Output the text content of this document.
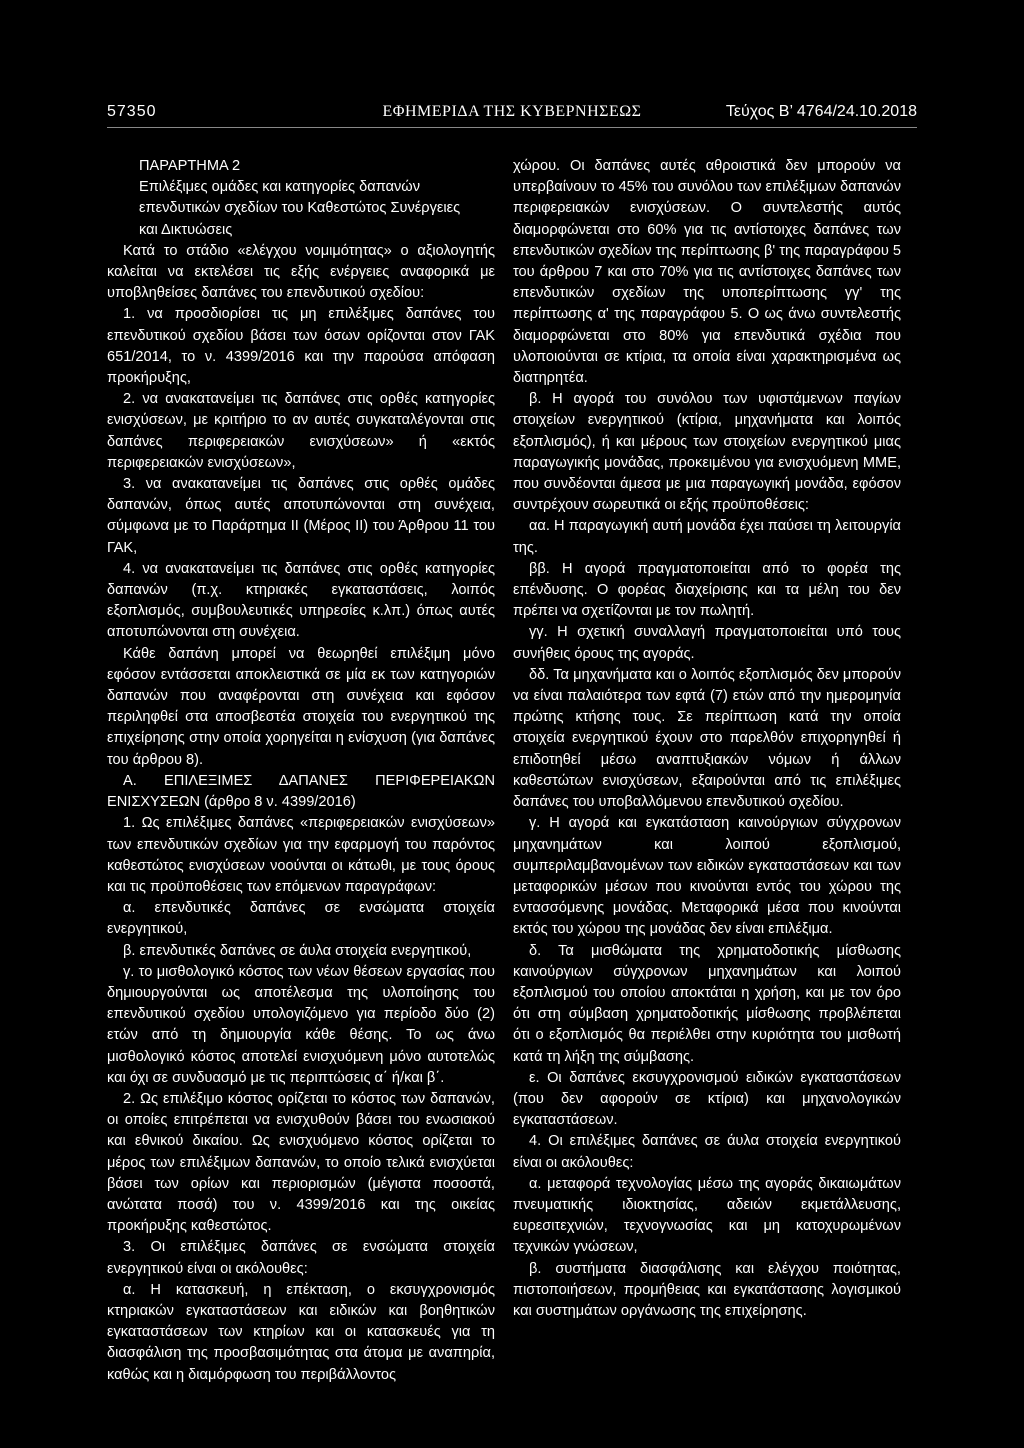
57350	ΕΦΗΜΕΡΙΔΑ ΤΗΣ ΚΥΒΕΡΝΗΣΕΩΣ	Τεύχος Β’ 4764/24.10.2018

ΠΑΡΑΡΤΗΜΑ 2

Επιλέξιμες ομάδες και κατηγορίες δαπανών

επενδυτικών σχεδίων του Καθεστώτος Συνέργειες

και Δικτυώσεις

Κατά το στάδιο «ελέγχου νομιμότητας» ο αξιολογητής καλείται να εκτελέσει τις εξής ενέργειες αναφορικά με υποβληθείσες δαπάνες του επενδυτικού σχεδίου:

1. να προσδιορίσει τις μη επιλέξιμες δαπάνες του επενδυτικού σχεδίου βάσει των όσων ορίζονται στον ΓΑΚ 651/2014, το ν. 4399/2016 και την παρούσα απόφαση προκήρυξης,

2. να ανακατανείμει τις δαπάνες στις ορθές κατηγορίες ενισχύσεων, με κριτήριο το αν αυτές συγκαταλέγονται στις δαπάνες περιφερειακών ενισχύσεων» ή «εκτός περιφερειακών ενισχύσεων»,

3. να ανακατανείμει τις δαπάνες στις ορθές ομάδες δαπανών, όπως αυτές αποτυπώνονται στη συνέχεια, σύμφωνα με το Παράρτημα ΙΙ (Μέρος ΙΙ) του Άρθρου 11 του ΓΑΚ,

4. να ανακατανείμει τις δαπάνες στις ορθές κατηγορίες δαπανών (π.χ. κτηριακές εγκαταστάσεις, λοιπός εξοπλισμός, συμβουλευτικές υπηρεσίες κ.λπ.) όπως αυτές αποτυπώνονται στη συνέχεια.

Κάθε δαπάνη μπορεί να θεωρηθεί επιλέξιμη μόνο εφόσον εντάσσεται αποκλειστικά σε μία εκ των κατηγοριών δαπανών που αναφέρονται στη συνέχεια και εφόσον περιληφθεί στα αποσβεστέα στοιχεία του ενεργητικού της επιχείρησης στην οποία χορηγείται η ενίσχυση (για δαπάνες του άρθρου 8).

Α. ΕΠΙΛΕΞΙΜΕΣ ΔΑΠΑΝΕΣ ΠΕΡΙΦΕΡΕΙΑΚΩΝ ΕΝΙΣΧΥΣΕΩΝ (άρθρο 8 ν. 4399/2016)

1. Ως επιλέξιμες δαπάνες «περιφερειακών ενισχύσεων» των επενδυτικών σχεδίων για την εφαρμογή του παρόντος καθεστώτος ενισχύσεων νοούνται οι κάτωθι, με τους όρους και τις προϋποθέσεις των επόμενων παραγράφων:

α. επενδυτικές δαπάνες σε ενσώματα στοιχεία ενεργητικού,

β. επενδυτικές δαπάνες σε άυλα στοιχεία ενεργητικού,

γ. το μισθολογικό κόστος των νέων θέσεων εργασίας που δημιουργούνται ως αποτέλεσμα της υλοποίησης του επενδυτικού σχεδίου υπολογιζόμενο για περίοδο δύο (2) ετών από τη δημιουργία κάθε θέσης. Το ως άνω μισθολογικό κόστος αποτελεί ενισχυόμενη μόνο αυτοτελώς και όχι σε συνδυασμό με τις περιπτώσεις α΄ ή/και β΄.

2. Ως επιλέξιμο κόστος ορίζεται το κόστος των δαπανών, οι οποίες επιτρέπεται να ενισχυθούν βάσει του ενωσιακού και εθνικού δικαίου. Ως ενισχυόμενο κόστος ορίζεται το μέρος των επιλέξιμων δαπανών, το οποίο τελικά ενισχύεται βάσει των ορίων και περιορισμών (μέγιστα ποσοστά, ανώτατα ποσά) του ν. 4399/2016 και της οικείας προκήρυξης καθεστώτος.

3. Οι επιλέξιμες δαπάνες σε ενσώματα στοιχεία ενεργητικού είναι οι ακόλουθες:

α. Η κατασκευή, η επέκταση, ο εκσυγχρονισμός κτηριακών εγκαταστάσεων και ειδικών και βοηθητικών εγκαταστάσεων των κτηρίων και οι κατασκευές για τη διασφάλιση της προσβασιμότητας στα άτομα με αναπηρία, καθώς και η διαμόρφωση του περιβάλλοντος

χώρου. Οι δαπάνες αυτές αθροιστικά δεν μπορούν να υπερβαίνουν το 45% του συνόλου των επιλέξιμων δαπανών περιφερειακών ενισχύσεων. Ο συντελεστής αυτός διαμορφώνεται στο 60% για τις αντίστοιχες δαπάνες των επενδυτικών σχεδίων της περίπτωσης β' της παραγράφου 5 του άρθρου 7 και στο 70% για τις αντίστοιχες δαπάνες των επενδυτικών σχεδίων της υποπερίπτωσης γγ' της περίπτωσης α' της παραγράφου 5. Ο ως άνω συντελεστής διαμορφώνεται στο 80% για επενδυτικά σχέδια που υλοποιούνται σε κτίρια, τα οποία είναι χαρακτηρισμένα ως διατηρητέα.

β. Η αγορά του συνόλου των υφιστάμενων παγίων στοιχείων ενεργητικού (κτίρια, μηχανήματα και λοιπός εξοπλισμός), ή και μέρους των στοιχείων ενεργητικού μιας παραγωγικής μονάδας, προκειμένου για ενισχυόμενη ΜΜΕ, που συνδέονται άμεσα με μια παραγωγική μονάδα, εφόσον συντρέχουν σωρευτικά οι εξής προϋποθέσεις:

αα. Η παραγωγική αυτή μονάδα έχει παύσει τη λειτουργία της.

ββ. Η αγορά πραγματοποιείται από το φορέα της επένδυσης. Ο φορέας διαχείρισης και τα μέλη του δεν πρέπει να σχετίζονται με τον πωλητή.

γγ. Η σχετική συναλλαγή πραγματοποιείται υπό τους συνήθεις όρους της αγοράς.

δδ. Τα μηχανήματα και ο λοιπός εξοπλισμός δεν μπορούν να είναι παλαιότερα των εφτά (7) ετών από την ημερομηνία πρώτης κτήσης τους. Σε περίπτωση κατά την οποία στοιχεία ενεργητικού έχουν στο παρελθόν επιχορηγηθεί ή επιδοτηθεί μέσω αναπτυξιακών νόμων ή άλλων καθεστώτων ενισχύσεων, εξαιρούνται από τις επιλέξιμες δαπάνες του υποβαλλόμενου επενδυτικού σχεδίου.

γ. Η αγορά και εγκατάσταση καινούργιων σύγχρονων μηχανημάτων και λοιπού εξοπλισμού, συμπεριλαμβανομένων των ειδικών εγκαταστάσεων και των μεταφορικών μέσων που κινούνται εντός του χώρου της εντασσόμενης μονάδας. Μεταφορικά μέσα που κινούνται εκτός του χώρου της μονάδας δεν είναι επιλέξιμα.

δ. Τα μισθώματα της χρηματοδοτικής μίσθωσης καινούργιων σύγχρονων μηχανημάτων και λοιπού εξοπλισμού του οποίου αποκτάται η χρήση, και με τον όρο ότι στη σύμβαση χρηματοδοτικής μίσθωσης προβλέπεται ότι ο εξοπλισμός θα περιέλθει στην κυριότητα του μισθωτή κατά τη λήξη της σύμβασης.

ε. Οι δαπάνες εκσυγχρονισμού ειδικών εγκαταστάσεων (που δεν αφορούν σε κτίρια) και μηχανολογικών εγκαταστάσεων.

4. Οι επιλέξιμες δαπάνες σε άυλα στοιχεία ενεργητικού είναι οι ακόλουθες:

α. μεταφορά τεχνολογίας μέσω της αγοράς δικαιωμάτων πνευματικής ιδιοκτησίας, αδειών εκμετάλλευσης, ευρεσιτεχνιών, τεχνογνωσίας και μη κατοχυρωμένων τεχνικών γνώσεων,

β. συστήματα διασφάλισης και ελέγχου ποιότητας, πιστοποιήσεων, προμήθειας και εγκατάστασης λογισμικού και συστημάτων οργάνωσης της επιχείρησης.
